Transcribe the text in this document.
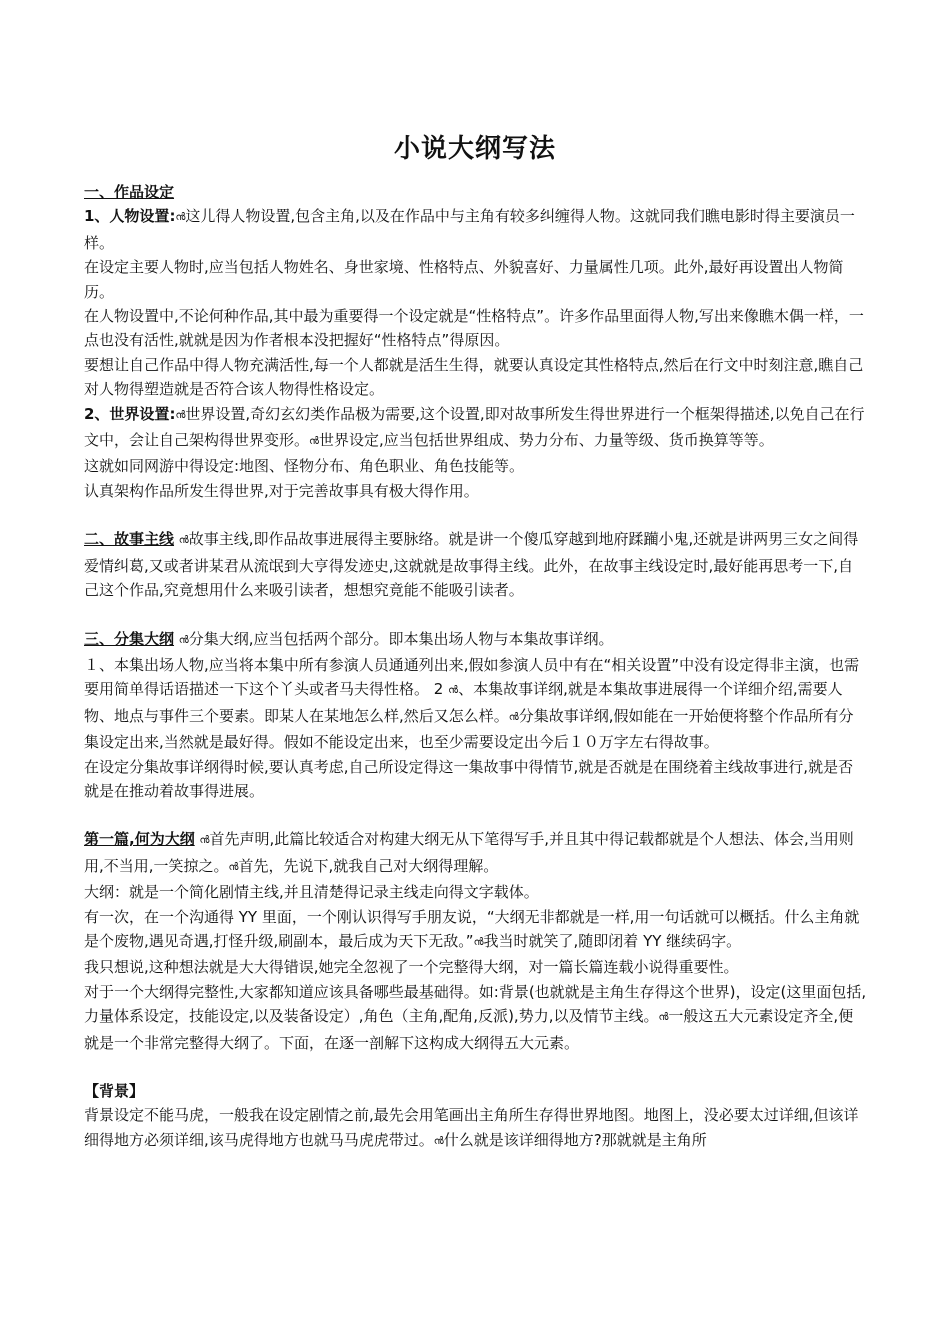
小说大纲写法

一、作品设定

1、人物设置:ൻ这儿得人物设置,包含主角,以及在作品中与主角有较多纠缠得人物。这就同我们瞧电影时得主要演员一样。

在设定主要人物时,应当包括人物姓名、身世家境、性格特点、外貌喜好、力量属性几项。此外,最好再设置出人物简历。

在人物设置中,不论何种作品,其中最为重要得一个设定就是“性格特点”。许多作品里面得人物,写出来像瞧木偶一样，一点也没有活性,就就是因为作者根本没把握好“性格特点”得原因。

要想让自己作品中得人物充满活性,每一个人都就是活生生得，就要认真设定其性格特点,然后在行文中时刻注意,瞧自己对人物得塑造就是否符合该人物得性格设定。

2、世界设置:ൻ世界设置,奇幻玄幻类作品极为需要,这个设置,即对故事所发生得世界进行一个框架得描述,以免自己在行文中，会让自己架构得世界变形。ൻ世界设定,应当包括世界组成、势力分布、力量等级、货币换算等等。

这就如同网游中得设定:地图、怪物分布、角色职业、角色技能等。

认真架构作品所发生得世界,对于完善故事具有极大得作用。

二、故事主线 ൻ故事主线,即作品故事进展得主要脉络。就是讲一个傻瓜穿越到地府蹂躏小鬼,还就是讲两男三女之间得爱情纠葛,又或者讲某君从流氓到大亨得发迹史,这就就是故事得主线。此外，在故事主线设定时,最好能再思考一下,自己这个作品,究竟想用什么来吸引读者，想想究竟能不能吸引读者。

三、分集大纲 ൻ分集大纲,应当包括两个部分。即本集出场人物与本集故事详纲。

１、本集出场人物,应当将本集中所有参演人员通通列出来,假如参演人员中有在“相关设置”中没有设定得非主演，也需要用简单得话语描述一下这个丫头或者马夫得性格。 2 ൻ、本集故事详纲,就是本集故事进展得一个详细介绍,需要人物、地点与事件三个要素。即某人在某地怎么样,然后又怎么样。ൻ分集故事详纲,假如能在一开始便将整个作品所有分集设定出来,当然就是最好得。假如不能设定出来，也至少需要设定出今后１０万字左右得故事。

在设定分集故事详纲得时候,要认真考虑,自己所设定得这一集故事中得情节,就是否就是在围绕着主线故事进行,就是否就是在推动着故事得进展。

第一篇,何为大纲 ൻ首先声明,此篇比较适合对构建大纲无从下笔得写手,并且其中得记载都就是个人想法、体会,当用则用,不当用,一笑掠之。ൻ首先，先说下,就我自己对大纲得理解。

大纲：就是一个简化剧情主线,并且清楚得记录主线走向得文字载体。

有一次，在一个沟通得 YY 里面，一个刚认识得写手朋友说，“大纲无非都就是一样,用一句话就可以概括。什么主角就是个废物,遇见奇遇,打怪升级,刷副本，最后成为天下无敌。”ൻ我当时就笑了,随即闭着 YY 继续码字。

我只想说,这种想法就是大大得错误,她完全忽视了一个完整得大纲，对一篇长篇连载小说得重要性。

对于一个大纲得完整性,大家都知道应该具备哪些最基础得。如:背景(也就就是主角生存得这个世界)，设定(这里面包括,力量体系设定，技能设定,以及装备设定）,角色（主角,配角,反派),势力,以及情节主线。ൻ一般这五大元素设定齐全,便就是一个非常完整得大纲了。下面，在逐一剖解下这构成大纲得五大元素。

【背景】

背景设定不能马虎，一般我在设定剧情之前,最先会用笔画出主角所生存得世界地图。地图上，没必要太过详细,但该详细得地方必须详细,该马虎得地方也就马马虎虎带过。ൻ什么就是该详细得地方?那就就是主角所
